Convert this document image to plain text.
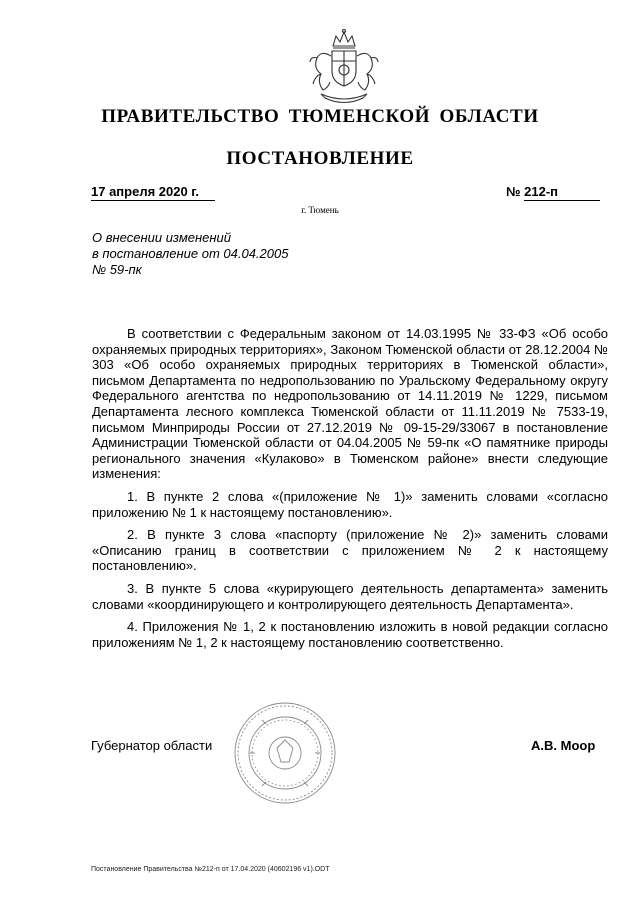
ПРАВИТЕЛЬСТВО ТЮМЕНСКОЙ ОБЛАСТИ
ПОСТАНОВЛЕНИЕ
17 апреля 2020 г.	№ 212-п
г. Тюмень
О внесении изменений
в постановление от 04.04.2005
№ 59-пк

В соответствии с Федеральным законом от 14.03.1995 № 33-ФЗ «Об особо охраняемых природных территориях», Законом Тюменской области от 28.12.2004 № 303 «Об особо охраняемых природных территориях в Тюменской области», письмом Департамента по недропользованию по Уральскому Федеральному округу Федерального агентства по недропользованию от 14.11.2019 № 1229, письмом Департамента лесного комплекса Тюменской области от 11.11.2019 № 7533-19, письмом Минприроды России от 27.12.2019 № 09-15-29/33067 в постановление Администрации Тюменской области от 04.04.2005 № 59-пк «О памятнике природы регионального значения «Кулаково» в Тюменском районе» внести следующие изменения:

1. В пункте 2 слова «(приложение № 1)» заменить словами «согласно приложению № 1 к настоящему постановлению».

2. В пункте 3 слова «паспорту (приложение № 2)» заменить словами «Описанию границ в соответствии с приложением № 2 к настоящему постановлению».

3. В пункте 5 слова «курирующего деятельность департамента» заменить словами «координирующего и контролирующего деятельность Департамента».

4. Приложения № 1, 2 к постановлению изложить в новой редакции согласно приложениям № 1, 2 к настоящему постановлению соответственно.

Губернатор области	А.В. Моор
Постановление Правительства №212-п от 17.04.2020 (40602196 v1).ODT
